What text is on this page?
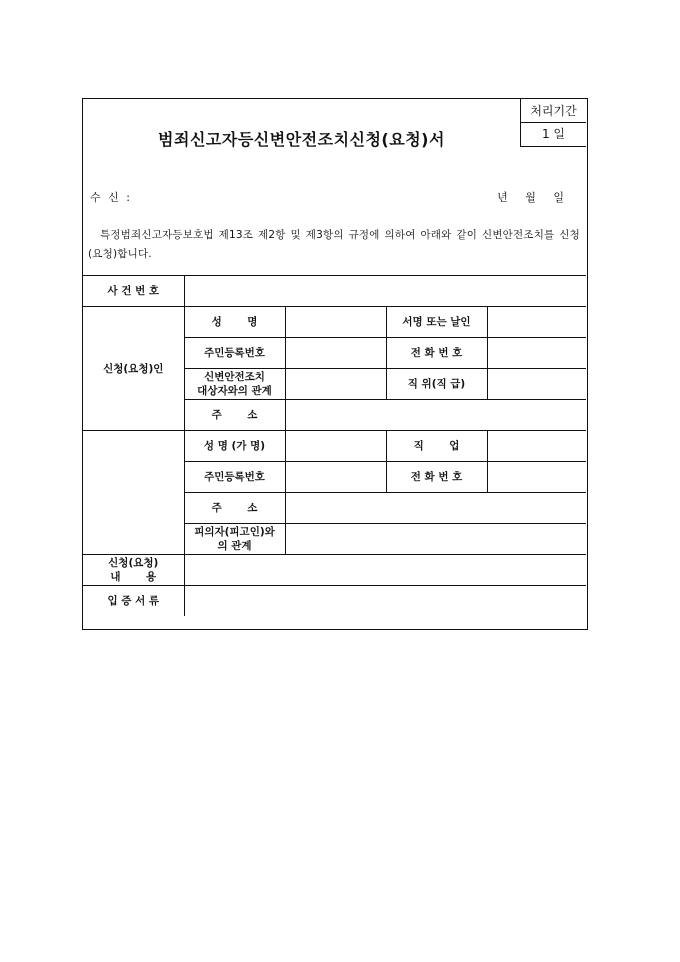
처리기간
1 일
범죄신고자등신변안전조치신청(요청)서
수 신 :	년 월 일
특정범죄신고자등보호법 제13조 제2항 및 제3항의 규정에 의하여 아래와 같이 신변안전조치를 신청(요청)합니다.
사 건 번 호				
신청(요청)인	성       명		서명 또는 날인	
	주민등록번호		전 화 번 호	

	신변안전조치
대상자와의 관계		직 위(직 급)	
	주       소			
	성 명 (가 명)		직       업	
	주민등록번호		전 화 번 호	
	주       소			

	피의자(피고인)와
의 관계			

신청(요청)
내       용				

입 증 서 류				
